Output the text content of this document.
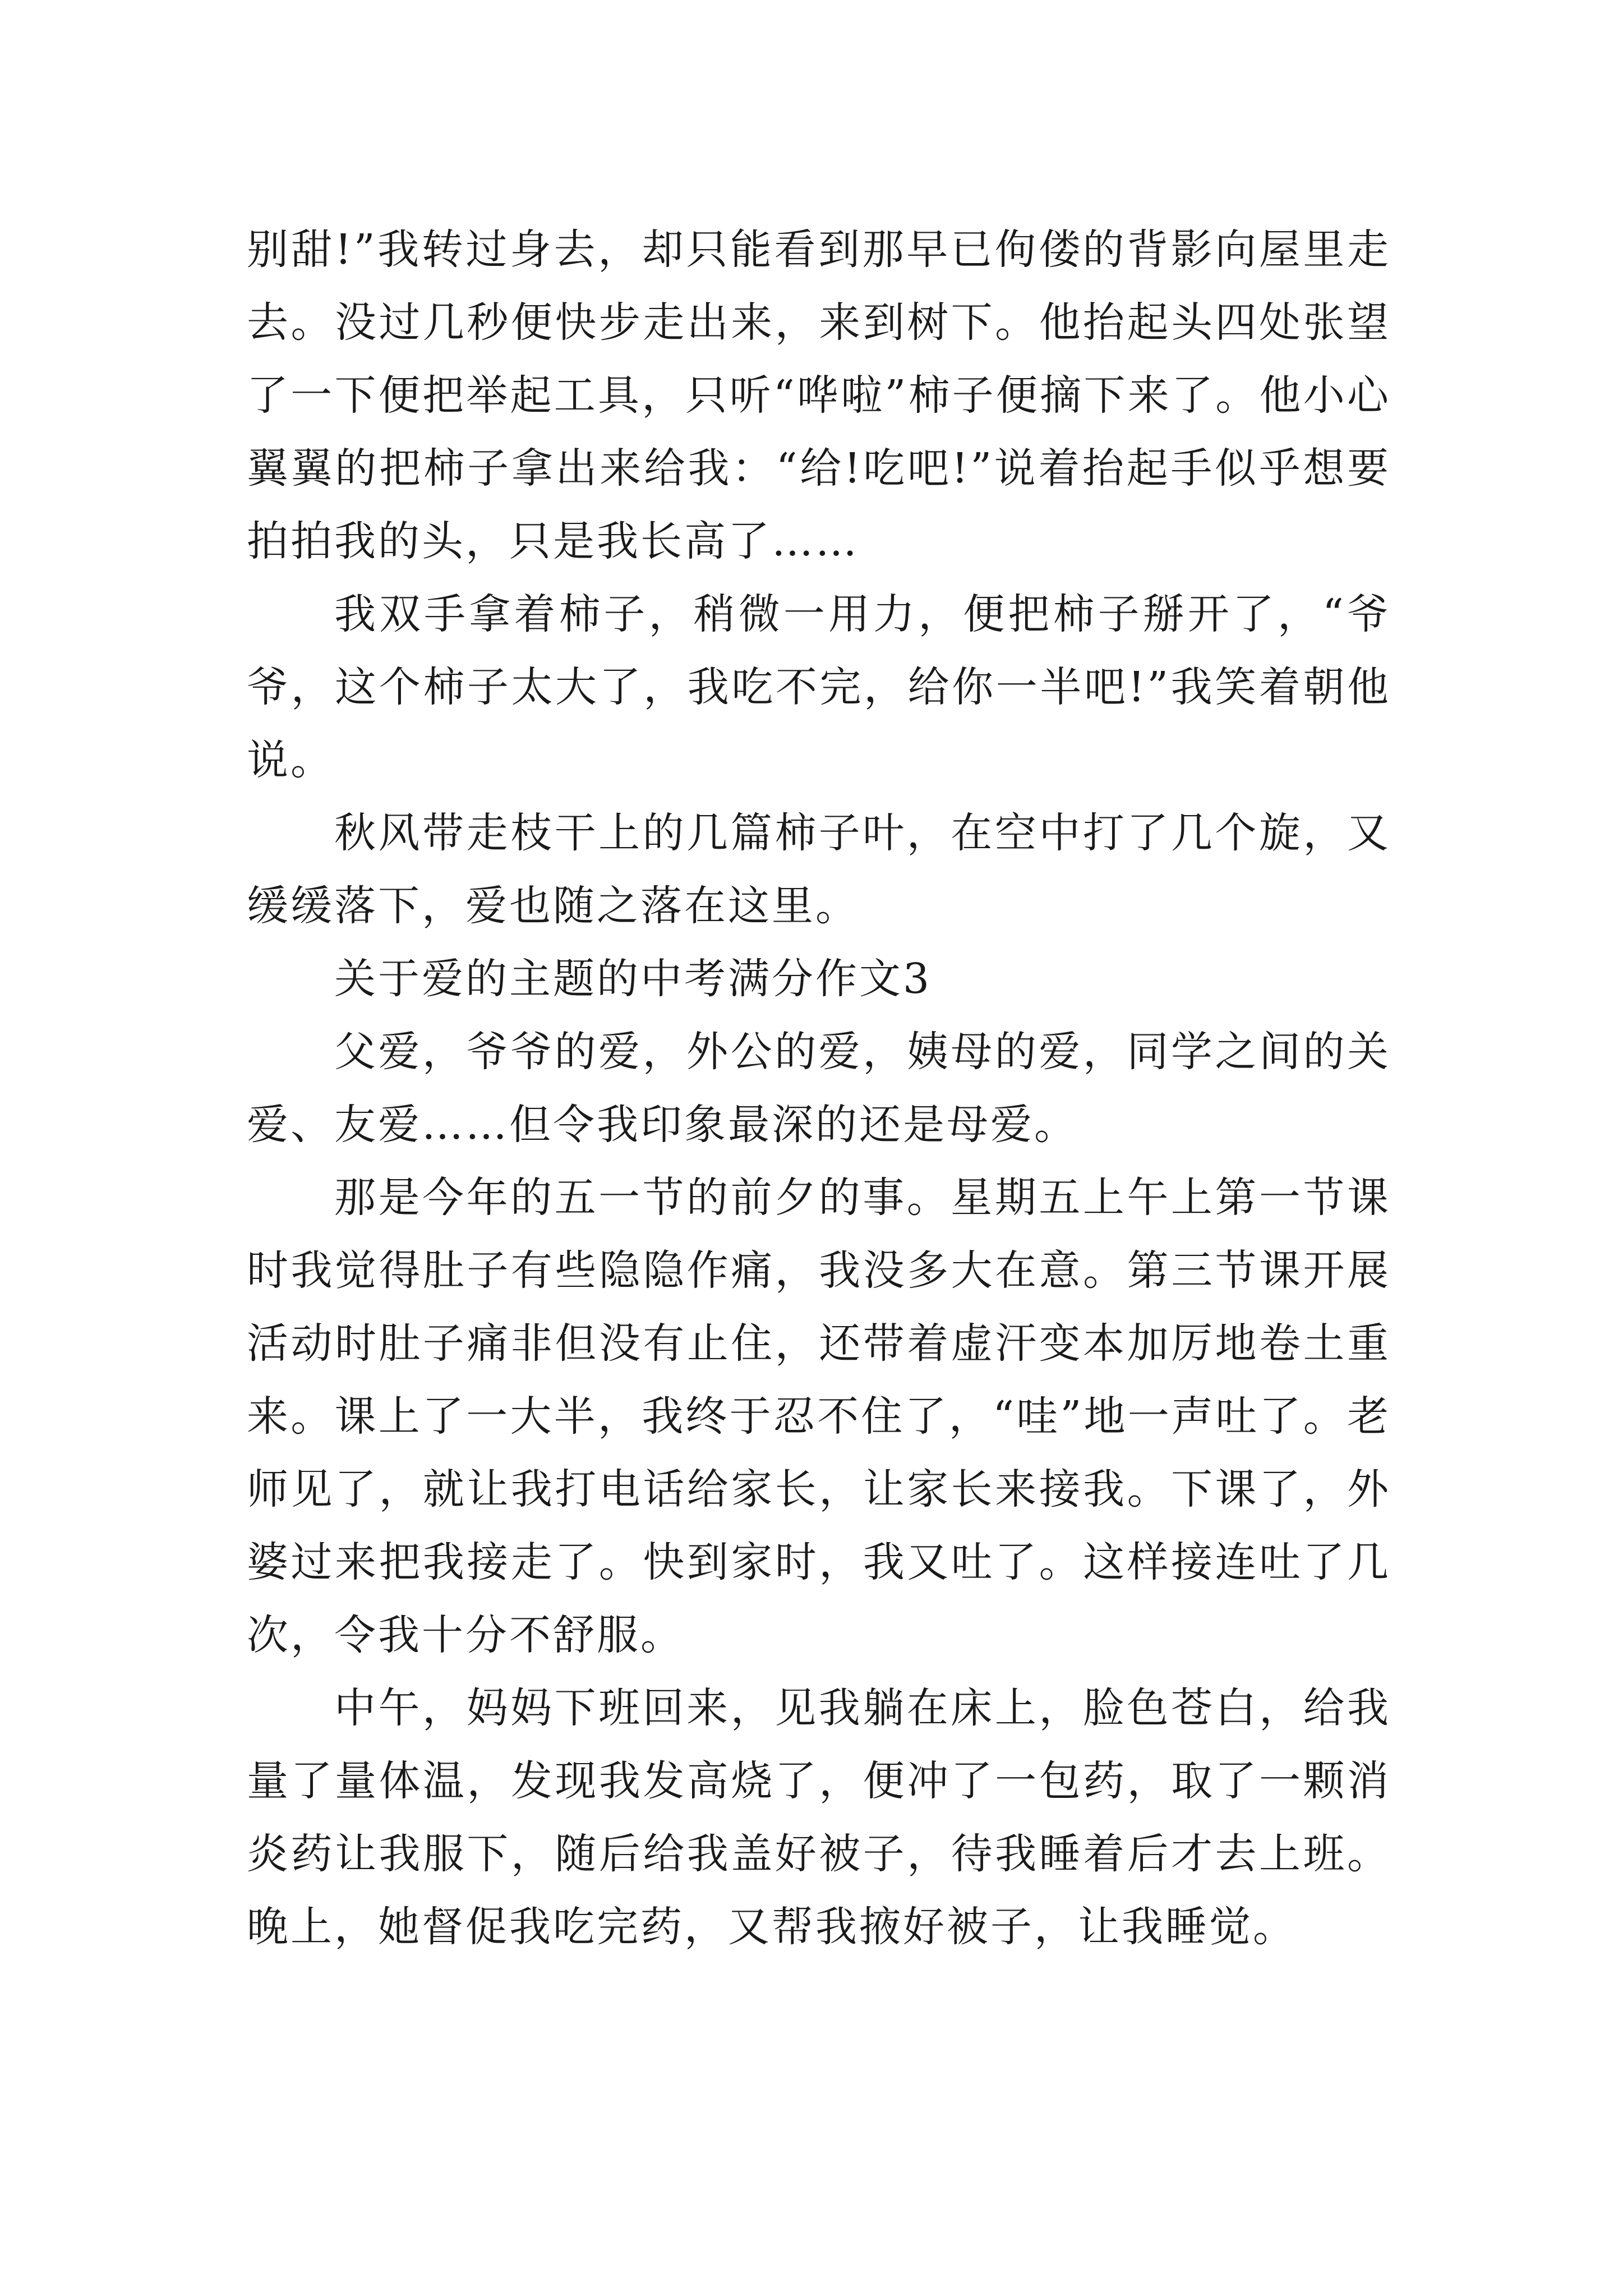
别甜!”我转过身去，却只能看到那早已佝偻的背影向屋里走去。没过几秒便快步走出来，来到树下。他抬起头四处张望了一下便把举起工具，只听“哗啦”柿子便摘下来了。他小心翼翼的把柿子拿出来给我：“给!吃吧!”说着抬起手似乎想要拍拍我的头，只是我长高了……

我双手拿着柿子，稍微一用力，便把柿子掰开了，“爷爷，这个柿子太大了，我吃不完，给你一半吧!”我笑着朝他说。

秋风带走枝干上的几篇柿子叶，在空中打了几个旋，又缓缓落下，爱也随之落在这里。

关于爱的主题的中考满分作文3

父爱，爷爷的爱，外公的爱，姨母的爱，同学之间的关爱、友爱……但令我印象最深的还是母爱。

那是今年的五一节的前夕的事。星期五上午上第一节课时我觉得肚子有些隐隐作痛，我没多大在意。第三节课开展活动时肚子痛非但没有止住，还带着虚汗变本加厉地卷土重来。课上了一大半，我终于忍不住了，“哇”地一声吐了。老师见了，就让我打电话给家长，让家长来接我。下课了，外婆过来把我接走了。快到家时，我又吐了。这样接连吐了几次，令我十分不舒服。

中午，妈妈下班回来，见我躺在床上，脸色苍白，给我量了量体温，发现我发高烧了，便冲了一包药，取了一颗消炎药让我服下，随后给我盖好被子，待我睡着后才去上班。晚上，她督促我吃完药，又帮我掖好被子，让我睡觉。
